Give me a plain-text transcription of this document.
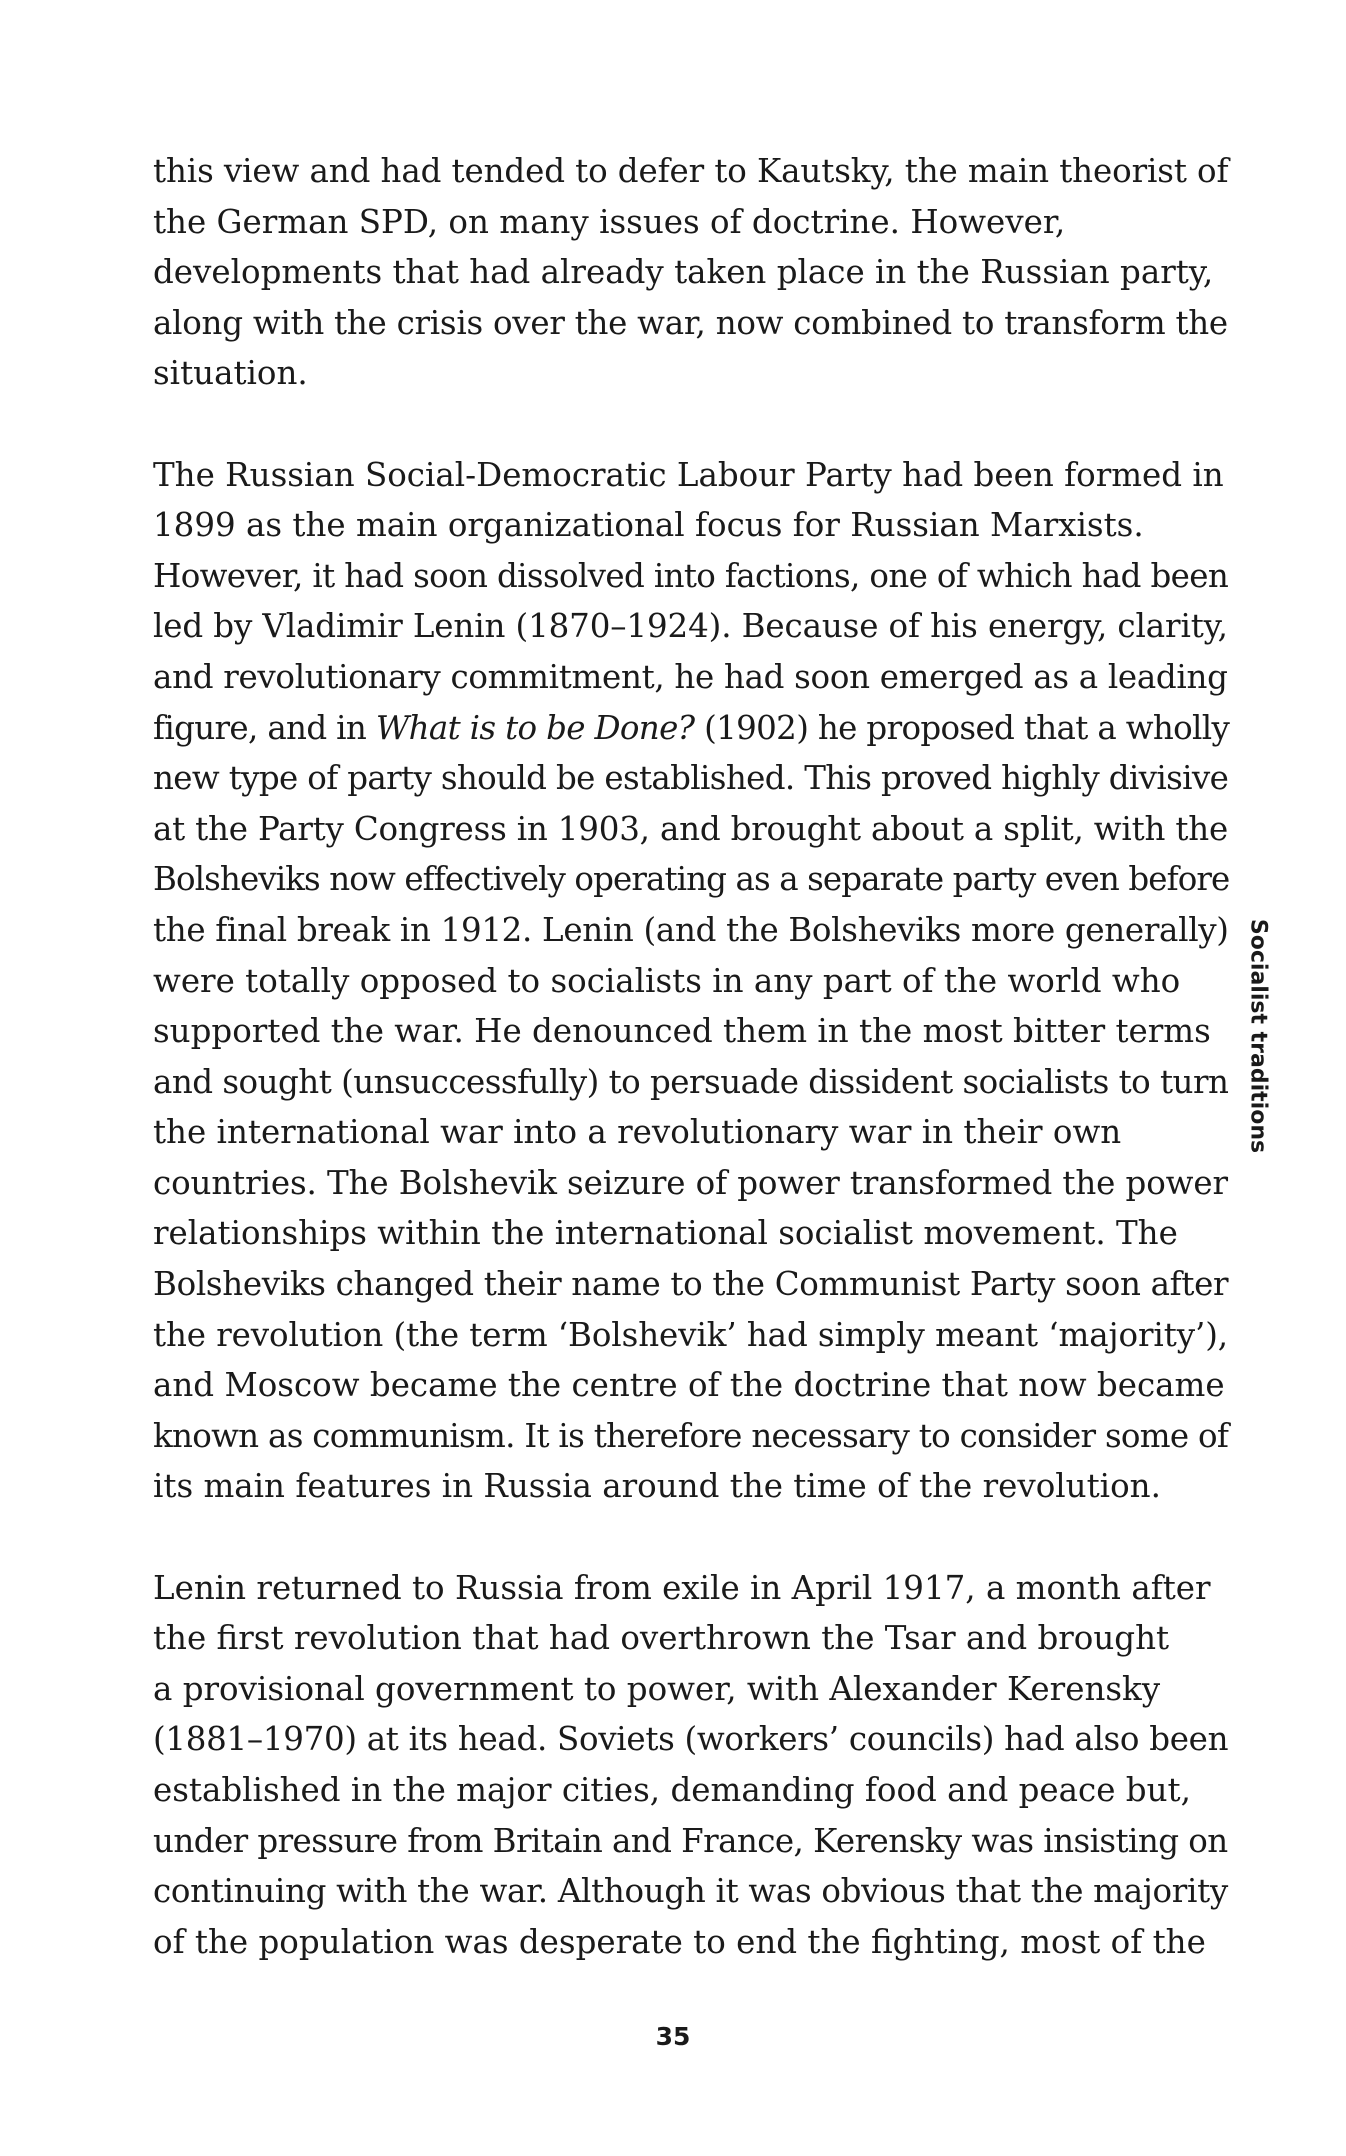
this view and had tended to defer to Kautsky, the main theorist of
the German SPD, on many issues of doctrine. However,
developments that had already taken place in the Russian party,
along with the crisis over the war, now combined to transform the
situation.
The Russian Social-Democratic Labour Party had been formed in
1899 as the main organizational focus for Russian Marxists.
However, it had soon dissolved into factions, one of which had been
led by Vladimir Lenin (1870–1924). Because of his energy, clarity,
and revolutionary commitment, he had soon emerged as a leading
figure, and in What is to be Done? (1902) he proposed that a wholly
new type of party should be established. This proved highly divisive
at the Party Congress in 1903, and brought about a split, with the
Bolsheviks now effectively operating as a separate party even before
the final break in 1912. Lenin (and the Bolsheviks more generally)
were totally opposed to socialists in any part of the world who
supported the war. He denounced them in the most bitter terms
and sought (unsuccessfully) to persuade dissident socialists to turn
the international war into a revolutionary war in their own
countries. The Bolshevik seizure of power transformed the power
relationships within the international socialist movement. The
Bolsheviks changed their name to the Communist Party soon after
the revolution (the term ‘Bolshevik’ had simply meant ‘majority’),
and Moscow became the centre of the doctrine that now became
known as communism. It is therefore necessary to consider some of
its main features in Russia around the time of the revolution.
Lenin returned to Russia from exile in April 1917, a month after
the first revolution that had overthrown the Tsar and brought
a provisional government to power, with Alexander Kerensky
(1881–1970) at its head. Soviets (workers’ councils) had also been
established in the major cities, demanding food and peace but,
under pressure from Britain and France, Kerensky was insisting on
continuing with the war. Although it was obvious that the majority
of the population was desperate to end the fighting, most of the
Socialist traditions
35
